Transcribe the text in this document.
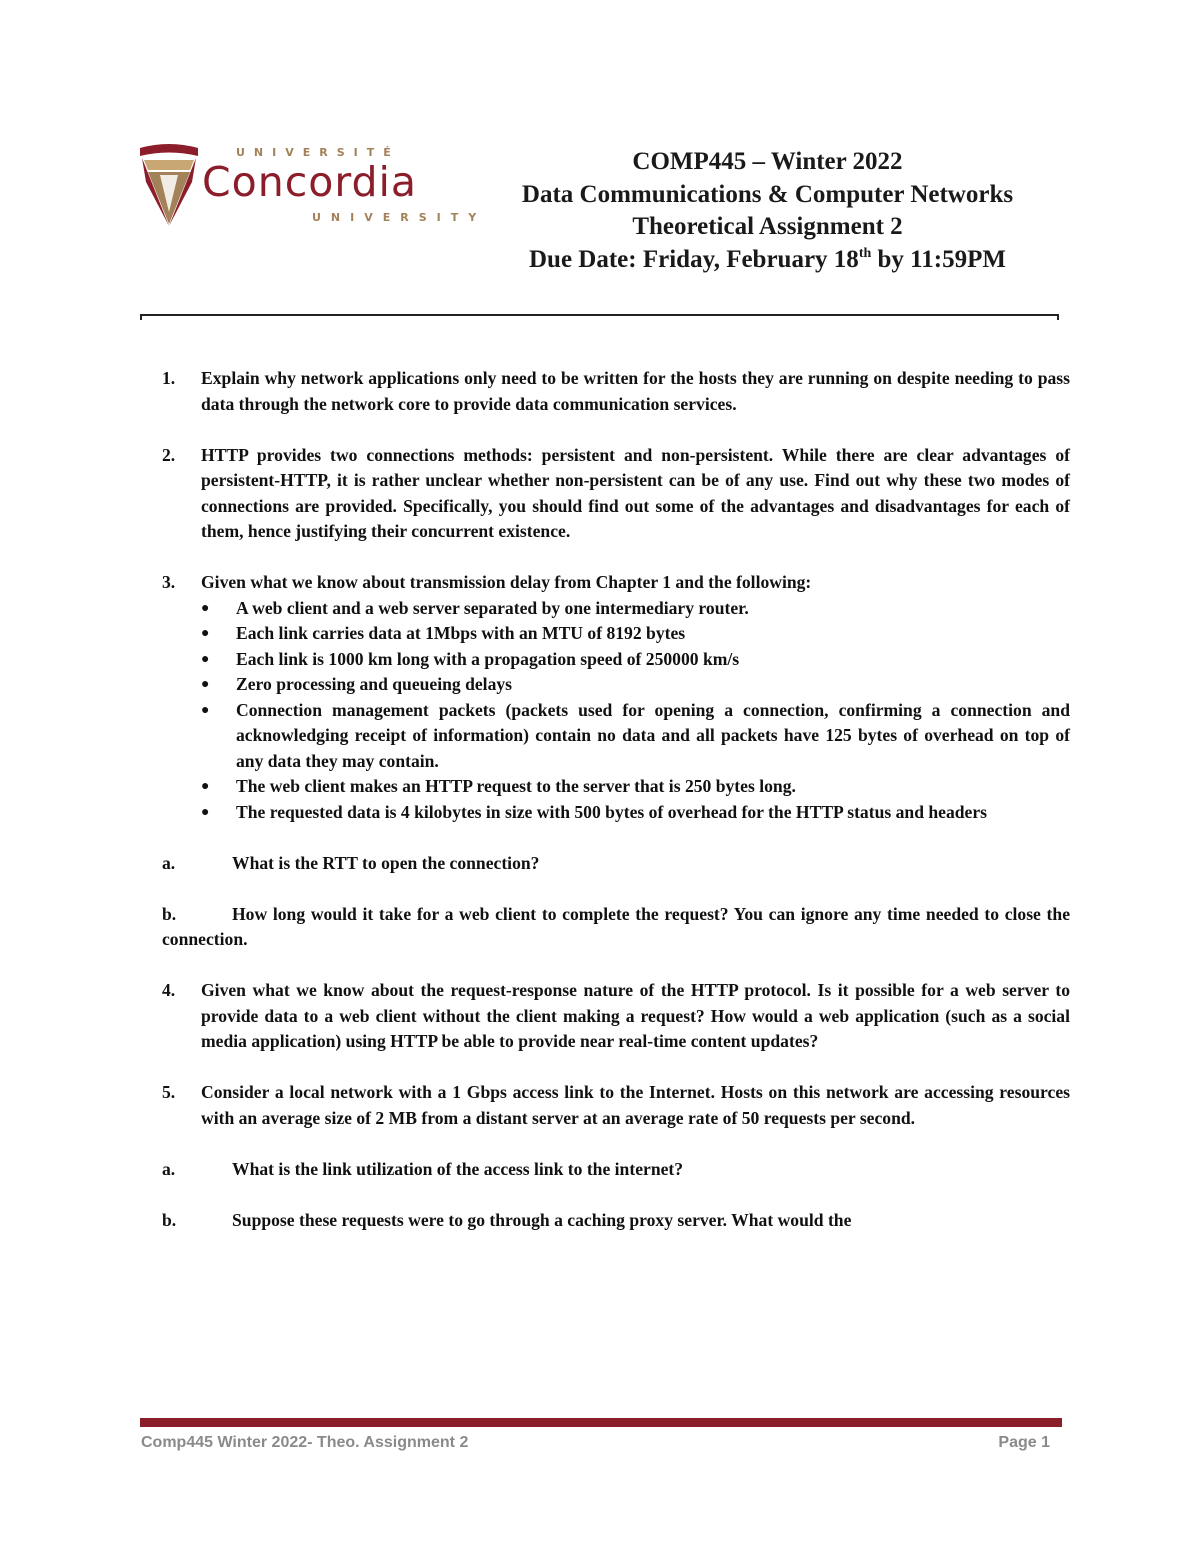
UNIVERSITÉ
Concordia
UNIVERSITY
COMP445 – Winter 2022
Data Communications & Computer Networks
Theoretical Assignment 2
Due Date: Friday, February 18th by 11:59PM
1.	Explain why network applications only need to be written for the hosts they are running on despite needing to pass data through the network core to provide data communication services.
2.	HTTP provides two connections methods: persistent and non-persistent. While there are clear advantages of persistent-HTTP, it is rather unclear whether non-persistent can be of any use. Find out why these two modes of connections are provided. Specifically, you should find out some of the advantages and disadvantages for each of them, hence justifying their concurrent existence.
3.	Given what we know about transmission delay from Chapter 1 and the following:
●	A web client and a web server separated by one intermediary router.
●	Each link carries data at 1Mbps with an MTU of 8192 bytes
●	Each link is 1000 km long with a propagation speed of 250000 km/s
●	Zero processing and queueing delays
●	Connection management packets (packets used for opening a connection, confirming a connection and acknowledging receipt of information) contain no data and all packets have 125 bytes of overhead on top of any data they may contain.
●	The web client makes an HTTP request to the server that is 250 bytes long.
●	The requested data is 4 kilobytes in size with 500 bytes of overhead for the HTTP status and headers
a.	What is the RTT to open the connection?
b.	How long would it take for a web client to complete the request? You can ignore any time needed to close the connection.
4.	Given what we know about the request-response nature of the HTTP protocol. Is it possible for a web server to provide data to a web client without the client making a request? How would a web application (such as a social media application) using HTTP be able to provide near real-time content updates?
5.	Consider a local network with a 1 Gbps access link to the Internet. Hosts on this network are accessing resources with an average size of 2 MB from a distant server at an average rate of 50 requests per second.
a.	What is the link utilization of the access link to the internet?
b.	Suppose these requests were to go through a caching proxy server. What would the
Comp445 Winter 2022- Theo. Assignment 2	Page 1
